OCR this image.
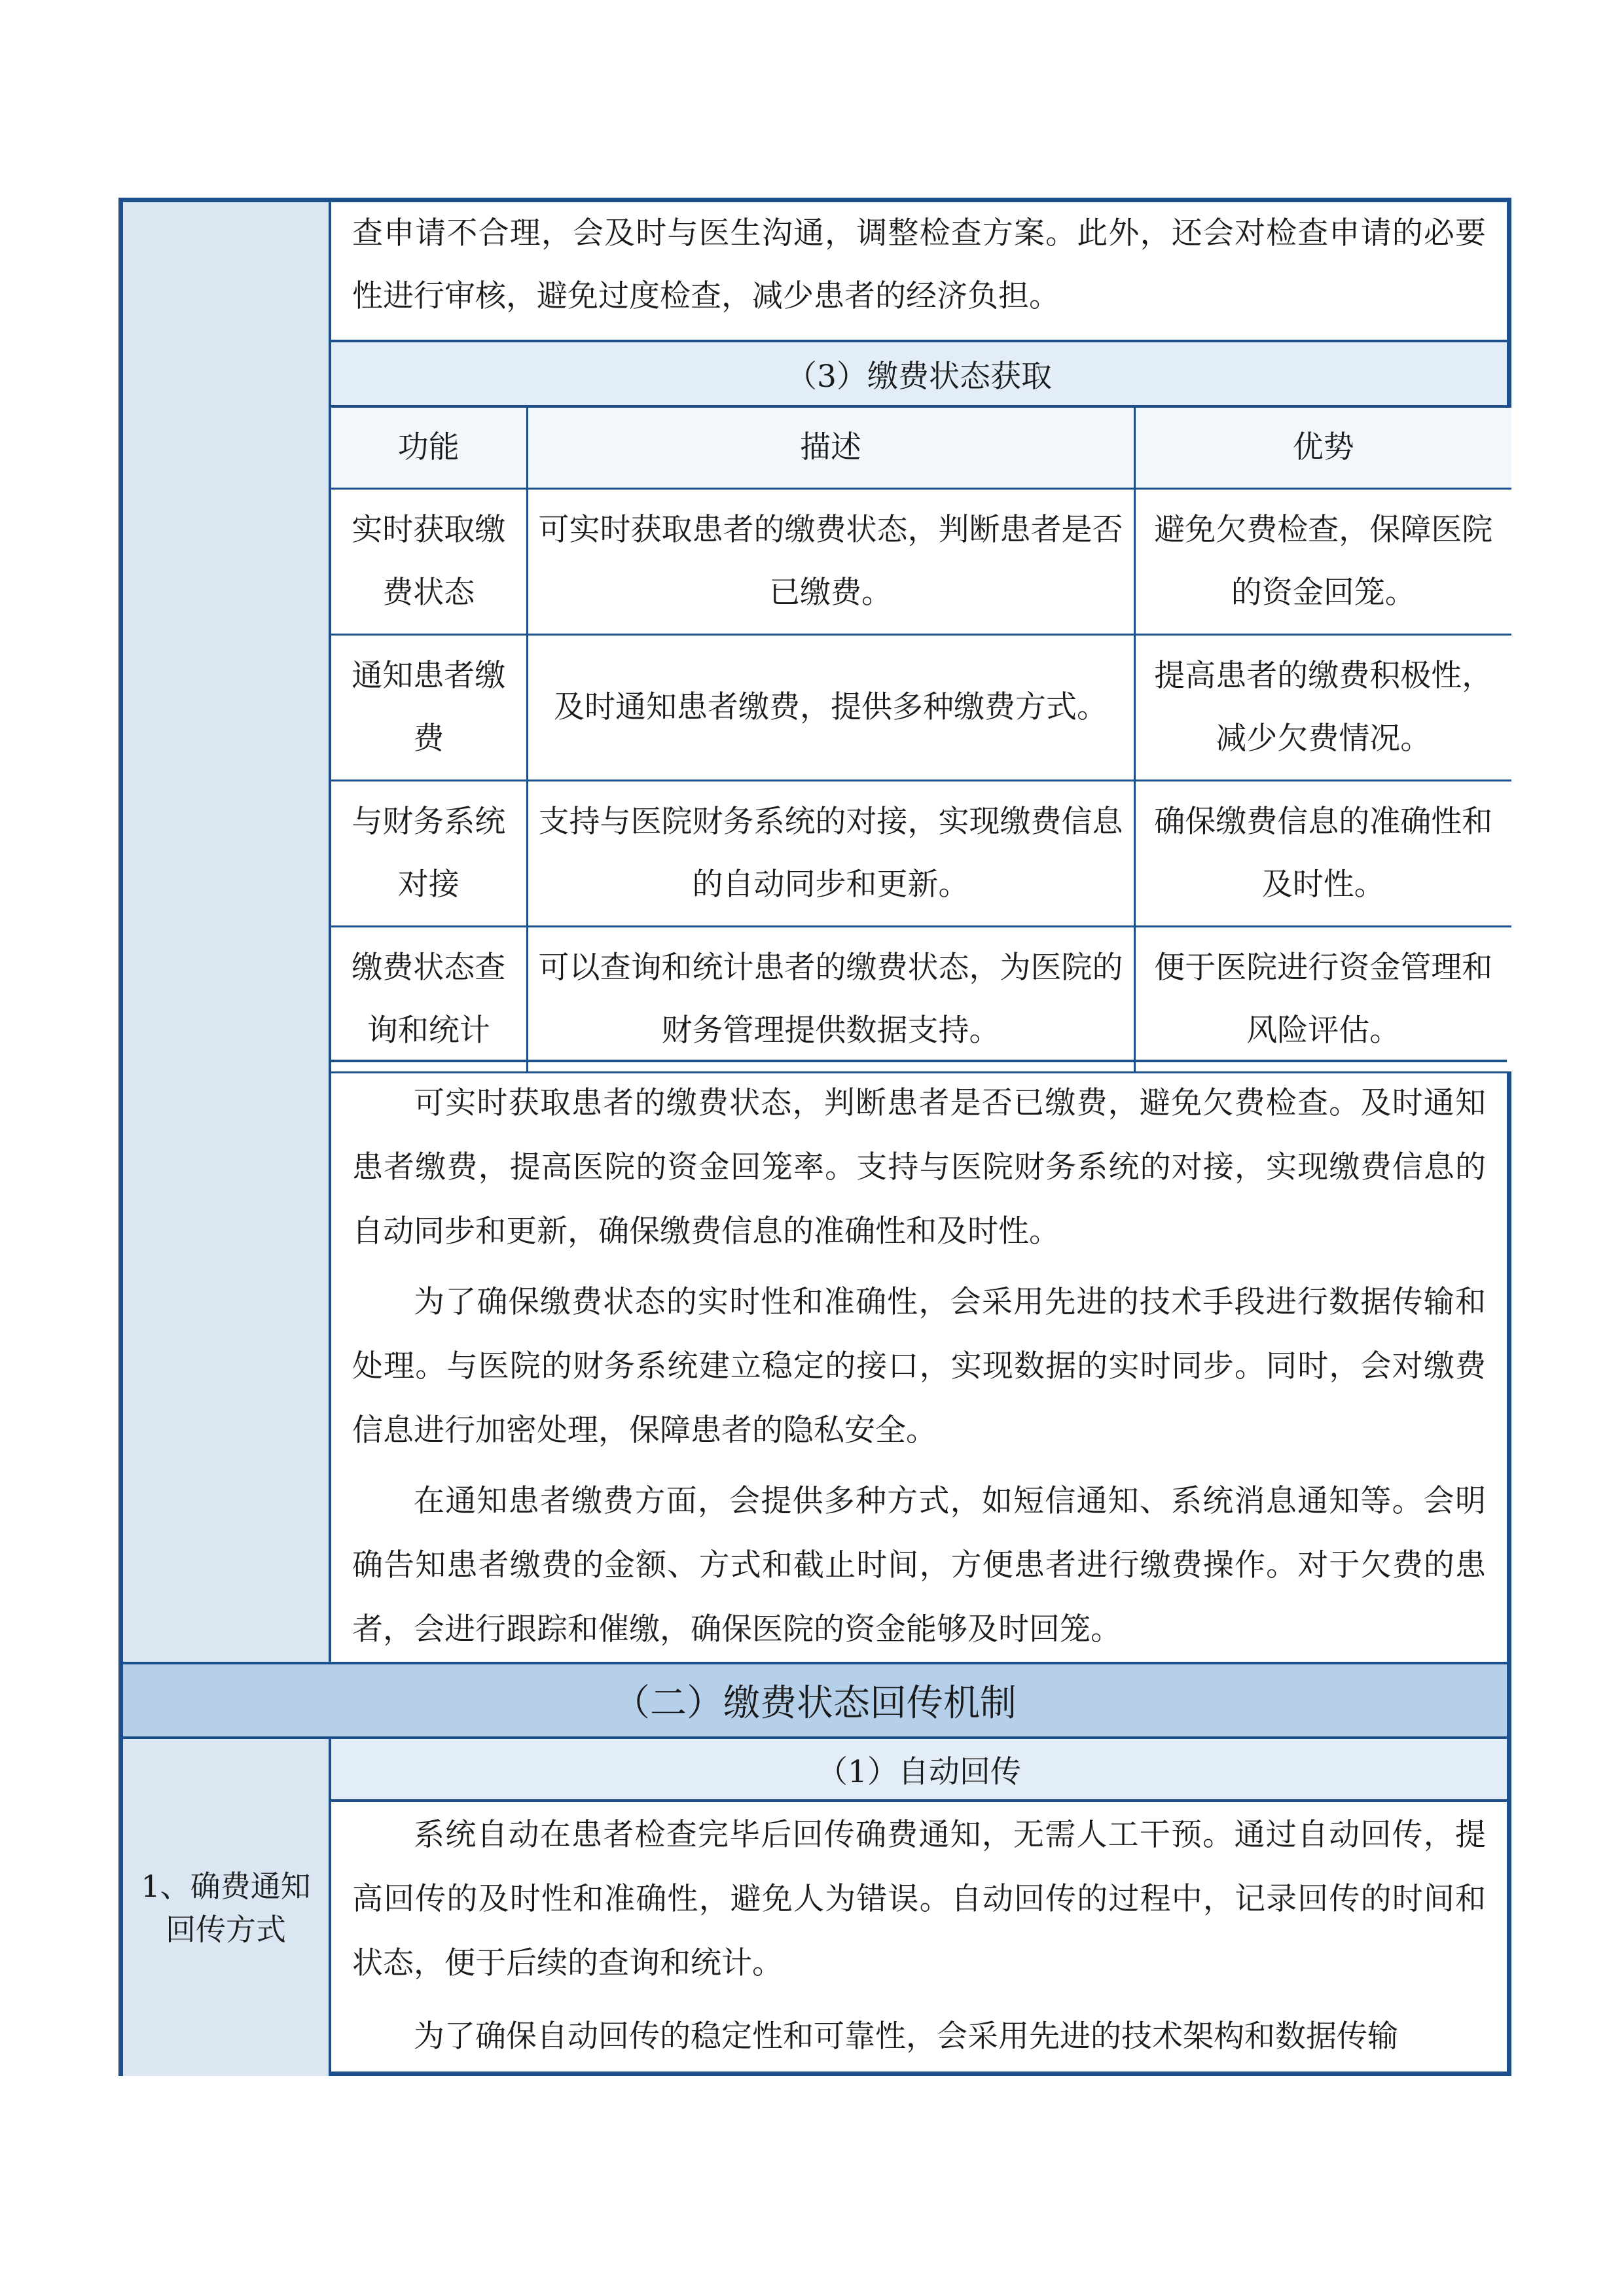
查申请不合理，会及时与医生沟通，调整检查方案。此外，还会对检查申请的必要性进行审核，避免过度检查，减少患者的经济负担。

（3）缴费状态获取
功能	描述	优势
实时获取缴费状态	可实时获取患者的缴费状态，判断患者是否已缴费。	避免欠费检查，保障医院的资金回笼。
通知患者缴费	及时通知患者缴费，提供多种缴费方式。	提高患者的缴费积极性，减少欠费情况。
与财务系统对接	支持与医院财务系统的对接，实现缴费信息的自动同步和更新。	确保缴费信息的准确性和及时性。
缴费状态查询和统计	可以查询和统计患者的缴费状态，为医院的财务管理提供数据支持。	便于医院进行资金管理和风险评估。

可实时获取患者的缴费状态，判断患者是否已缴费，避免欠费检查。及时通知患者缴费，提高医院的资金回笼率。支持与医院财务系统的对接，实现缴费信息的自动同步和更新，确保缴费信息的准确性和及时性。

为了确保缴费状态的实时性和准确性，会采用先进的技术手段进行数据传输和处理。与医院的财务系统建立稳定的接口，实现数据的实时同步。同时，会对缴费信息进行加密处理，保障患者的隐私安全。

在通知患者缴费方面，会提供多种方式，如短信通知、系统消息通知等。会明确告知患者缴费的金额、方式和截止时间，方便患者进行缴费操作。对于欠费的患者，会进行跟踪和催缴，确保医院的资金能够及时回笼。

（二）缴费状态回传机制
1、确费通知回传方式
（1）自动回传

系统自动在患者检查完毕后回传确费通知，无需人工干预。通过自动回传，提高回传的及时性和准确性，避免人为错误。自动回传的过程中，记录回传的时间和状态，便于后续的查询和统计。

为了确保自动回传的稳定性和可靠性，会采用先进的技术架构和数据传输
